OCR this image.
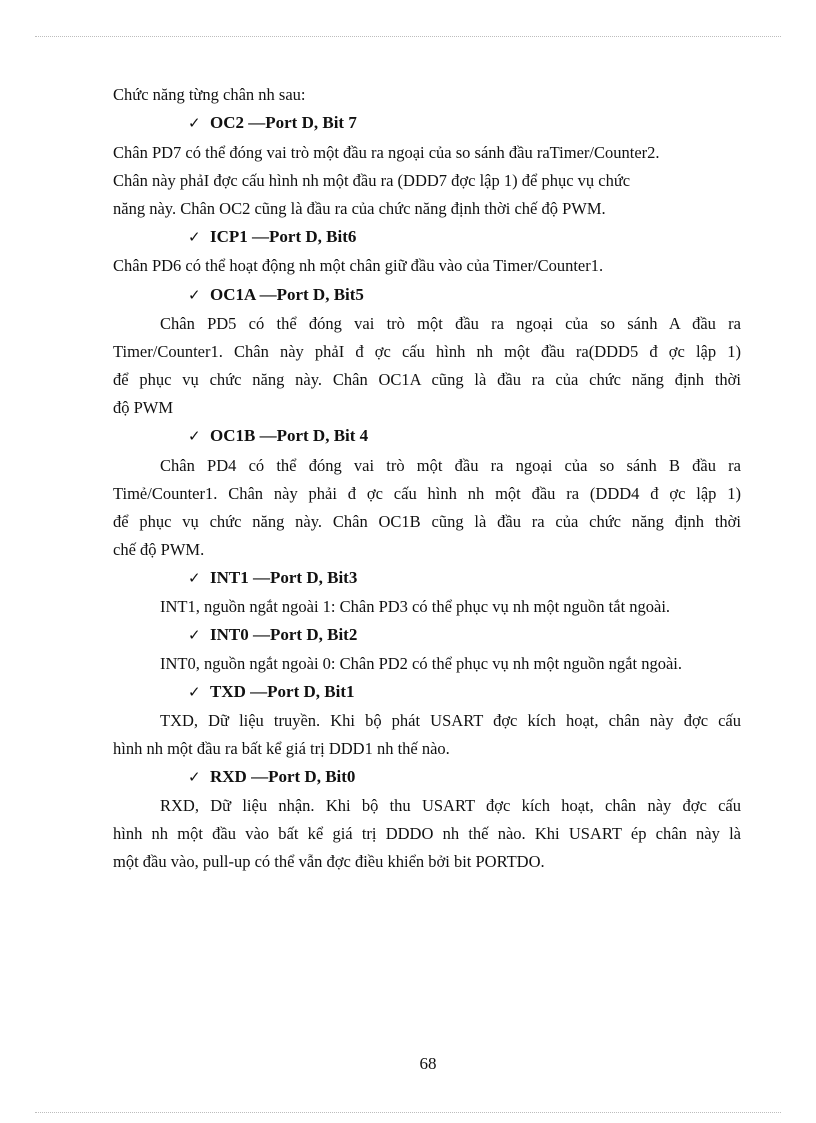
Chức năng từng chân nh sau:
✓ OC2 —Port D, Bit 7
Chân PD7 có thể đóng vai trò một đầu ra ngoại của so sánh đầu raTimer/Counter2.
Chân này phảI đợc cấu hình nh một đầu ra (DDD7 đợc lập 1) để phục vụ chức
năng này. Chân OC2 cũng là đầu ra của chức năng định thời chế độ PWM.
✓ ICP1 —Port D, Bit6
Chân PD6 có thể hoạt động nh một chân giữ đầu vào của Timer/Counter1.
✓ OC1A —Port D, Bit5
Chân PD5 có thể đóng vai trò một đầu ra ngoại của so sánh A đầu ra
Timer/Counter1. Chân này phảI đ ợc cấu hình nh một đầu ra(DDD5 đ ợc lập 1)
để phục vụ chức năng này. Chân OC1A cũng là đầu ra của chức năng định thời
độ PWM
✓ OC1B —Port D, Bit 4
Chân PD4 có thể đóng vai trò một đầu ra ngoại của so sánh B đầu ra
Timẻ/Counter1. Chân này phải đ ợc cấu hình nh một đầu ra (DDD4 đ ợc lập 1)
để phục vụ chức năng này. Chân OC1B cũng là đầu ra của chức năng định thời
chế độ PWM.
✓ INT1 —Port D, Bit3
INT1, nguồn ngắt ngoài 1: Chân PD3 có thể phục vụ nh một nguồn tắt ngoài.
✓ INT0 —Port D, Bit2
INT0, nguồn ngắt ngoài 0: Chân PD2 có thể phục vụ nh một nguồn ngắt ngoài.
✓ TXD —Port D, Bit1
TXD, Dữ liệu truyền. Khi bộ phát USART đợc kích hoạt, chân này đợc cấu
hình nh một đầu ra bất kể giá trị DDD1 nh thế nào.
✓ RXD —Port D, Bit0
RXD, Dữ liệu nhận. Khi bộ thu USART đợc kích hoạt, chân này đợc cấu
hình nh một đầu vào bất kể giá trị DDDO nh thế nào. Khi USART ép chân này là
một đầu vào, pull-up có thể vẫn đợc điều khiển bởi bit PORTDO.
68
